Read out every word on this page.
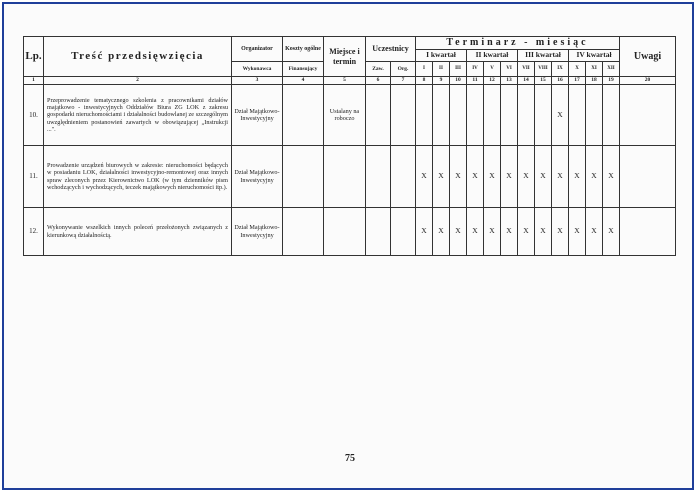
Lp.	Treść przedsięwzięcia	Organizator	Koszty ogólne	Miejsce i termin	Uczestnicy		Terminarz - miesiąc												Uwagi
							I kwartał			II kwartał			III kwartał			IV kwartał			
		Wykonawca	Finansujący		Zaw.	Org.	I	II	III	IV	V	VI	VII	VIII	IX	X	XI	XII	
1	2	3	4	5	6	7	8	9	10	11	12	13	14	15	16	17	18	19	20
10.	Przeprowadzenie tematycznego szkolenia z pracownikami działów majątkowo - inwestycyjnych Oddziałów Biura ZG LOK z zakresu gospodarki nieruchomościami i działalności budowlanej ze szczególnym uwzględnieniem postanowień zawartych w obowiązującej „Instrukcji ...".	Dział Majątkowo-Inwestycyjny		Ustalany na roboczo											X				
11.	Prowadzenie urządzeń biurowych w zakresie: nieruchomości będących w posiadaniu LOK, działalności inwestycyjno-remontowej oraz innych spraw zleconych przez Kierownictwo LOK (w tym dzienników pism wchodzących i wychodzących, teczek majątkowych nieruchomości itp.).	Dział Majątkowo-Inwestycyjny					X	X	X	X	X	X	X	X	X	X	X	X	
12.	Wykonywanie wszelkich innych poleceń przełożonych związanych z kierunkową działalnością.	Dział Majątkowo-Inwestycyjny					X	X	X	X	X	X	X	X	X	X	X	X	
75
